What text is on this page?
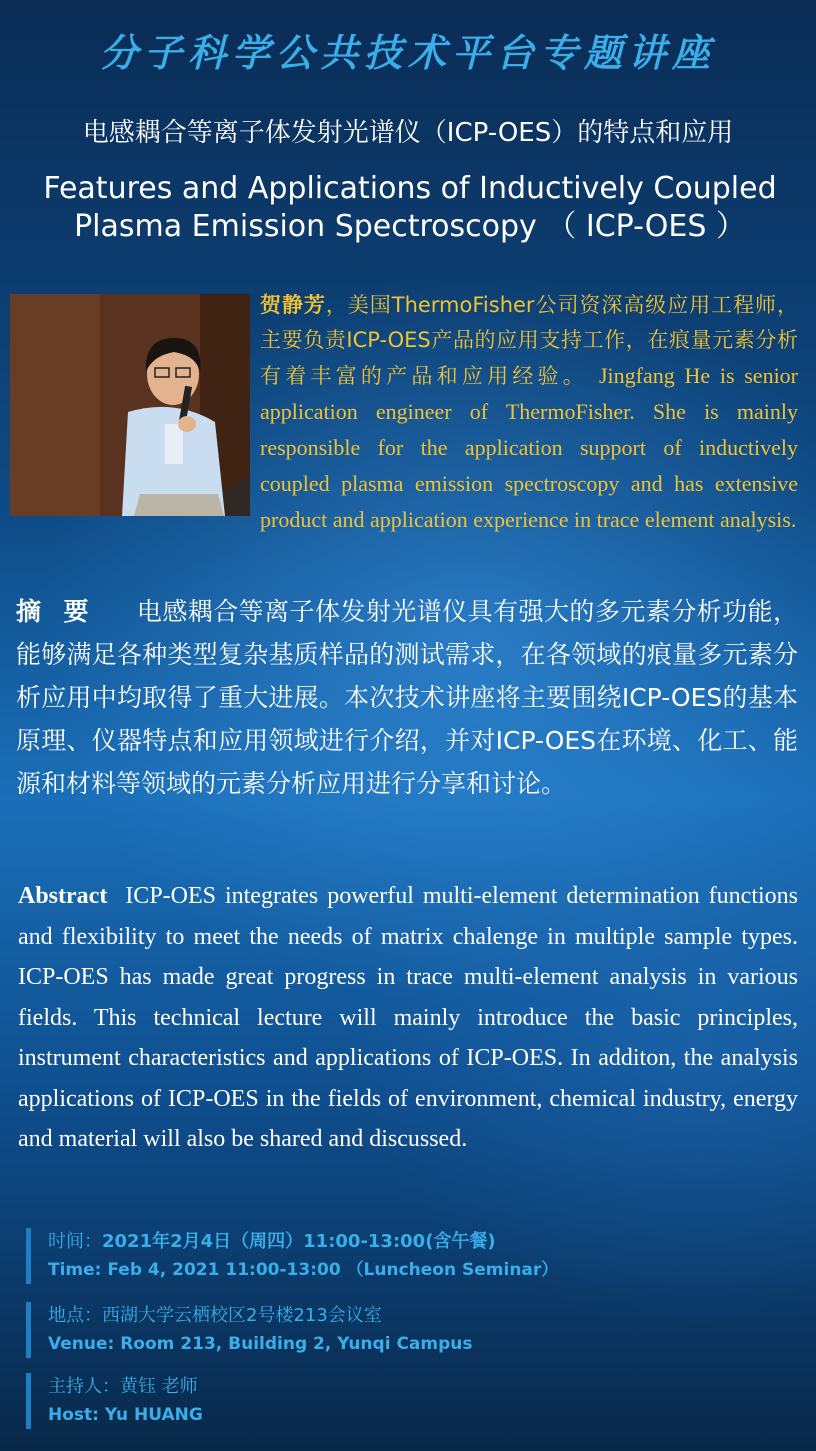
分子科学公共技术平台专题讲座
电感耦合等离子体发射光谱仪（ICP-OES）的特点和应用
Features and Applications of Inductively Coupled
Plasma Emission Spectroscopy （ ICP-OES ）
贺静芳，美国ThermoFisher公司资深高级应用工程师，主要负责ICP-OES产品的应用支持工作，在痕量元素分析有着丰富的产品和应用经验。 Jingfang He is senior application engineer of ThermoFisher. She is mainly responsible for the application support of inductively coupled plasma emission spectroscopy and has extensive product and application experience in trace element analysis.
摘要 电感耦合等离子体发射光谱仪具有强大的多元素分析功能，能够满足各种类型复杂基质样品的测试需求，在各领域的痕量多元素分析应用中均取得了重大进展。本次技术讲座将主要围绕ICP-OES的基本原理、仪器特点和应用领域进行介绍，并对ICP-OES在环境、化工、能源和材料等领域的元素分析应用进行分享和讨论。
Abstract ICP-OES integrates powerful multi-element determination functions and flexibility to meet the needs of matrix chalenge in multiple sample types. ICP-OES has made great progress in trace multi-element analysis in various fields. This technical lecture will mainly introduce the basic principles, instrument characteristics and applications of ICP-OES. In additon, the analysis applications of ICP-OES in the fields of environment, chemical industry, energy and material will also be shared and discussed.
时间：2021年2月4日（周四）11:00-13:00(含午餐)
Time: Feb 4, 2021 11:00-13:00 （Luncheon Seminar）
地点：西湖大学云栖校区2号楼213会议室
Venue: Room 213, Building 2, Yunqi Campus
主持人：黄钰 老师
Host: Yu HUANG
